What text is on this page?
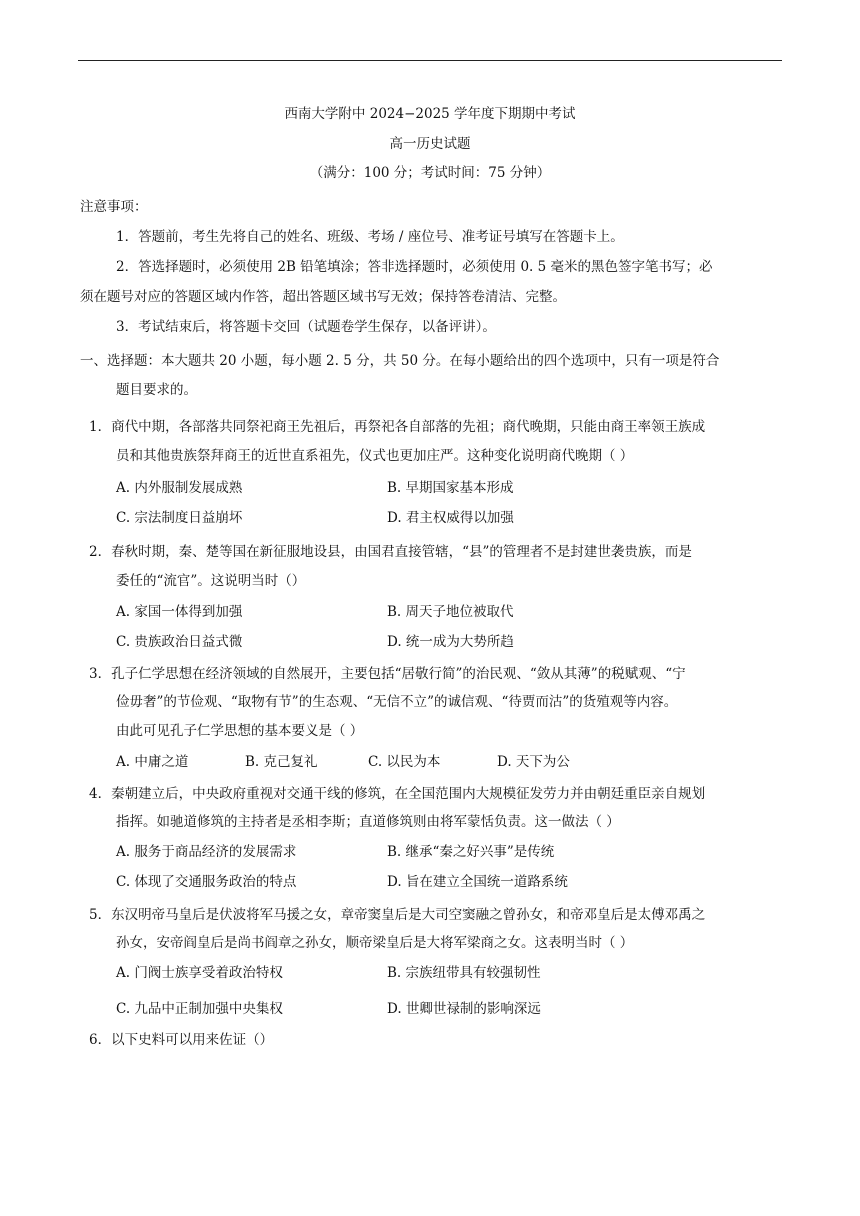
西南大学附中 2024−2025 学年度下期期中考试
高一历史试题
（满分：100 分；考试时间：75 分钟）
注意事项：
1．答题前，考生先将自己的姓名、班级、考场 / 座位号、准考证号填写在答题卡上。
2．答选择题时，必须使用 2B 铅笔填涂；答非选择题时，必须使用 0. 5 毫米的黑色签字笔书写；必
须在题号对应的答题区域内作答，超出答题区域书写无效；保持答卷清洁、完整。
3．考试结束后，将答题卡交回（试题卷学生保存，以备评讲）。
一、选择题：本大题共 20 小题，每小题 2. 5 分，共 50 分。在每小题给出的四个选项中，只有一项是符合
题目要求的。
1．商代中期，各部落共同祭祀商王先祖后，再祭祀各自部落的先祖；商代晚期，只能由商王率领王族成
员和其他贵族祭拜商王的近世直系祖先，仪式也更加庄严。这种变化说明商代晚期（ ）
A. 内外服制发展成熟	B. 早期国家基本形成
C. 宗法制度日益崩坏	D. 君主权威得以加强
2．春秋时期，秦、楚等国在新征服地设县，由国君直接管辖，“县”的管理者不是封建世袭贵族，而是
委任的“流官”。这说明当时（）
A. 家国一体得到加强	B. 周天子地位被取代
C. 贵族政治日益式微	D. 统一成为大势所趋
3．孔子仁学思想在经济领域的自然展开，主要包括“居敬行简”的治民观、“敛从其薄”的税赋观、“宁
俭毋奢”的节俭观、“取物有节”的生态观、“无信不立”的诚信观、“待贾而沽”的货殖观等内容。
由此可见孔子仁学思想的基本要义是（ ）
A. 中庸之道	B. 克己复礼	C. 以民为本	D. 天下为公
4．秦朝建立后，中央政府重视对交通干线的修筑，在全国范围内大规模征发劳力并由朝廷重臣亲自规划
指挥。如驰道修筑的主持者是丞相李斯；直道修筑则由将军蒙恬负责。这一做法（ ）
A. 服务于商品经济的发展需求	B. 继承“秦之好兴事”是传统
C. 体现了交通服务政治的特点	D. 旨在建立全国统一道路系统
5．东汉明帝马皇后是伏波将军马援之女，章帝窦皇后是大司空窦融之曾孙女，和帝邓皇后是太傅邓禹之
孙女，安帝阎皇后是尚书阎章之孙女，顺帝梁皇后是大将军梁商之女。这表明当时（ ）
A. 门阀士族享受着政治特权	B. 宗族纽带具有较强韧性
C. 九品中正制加强中央集权	D. 世卿世禄制的影响深远
6．以下史料可以用来佐证（）
